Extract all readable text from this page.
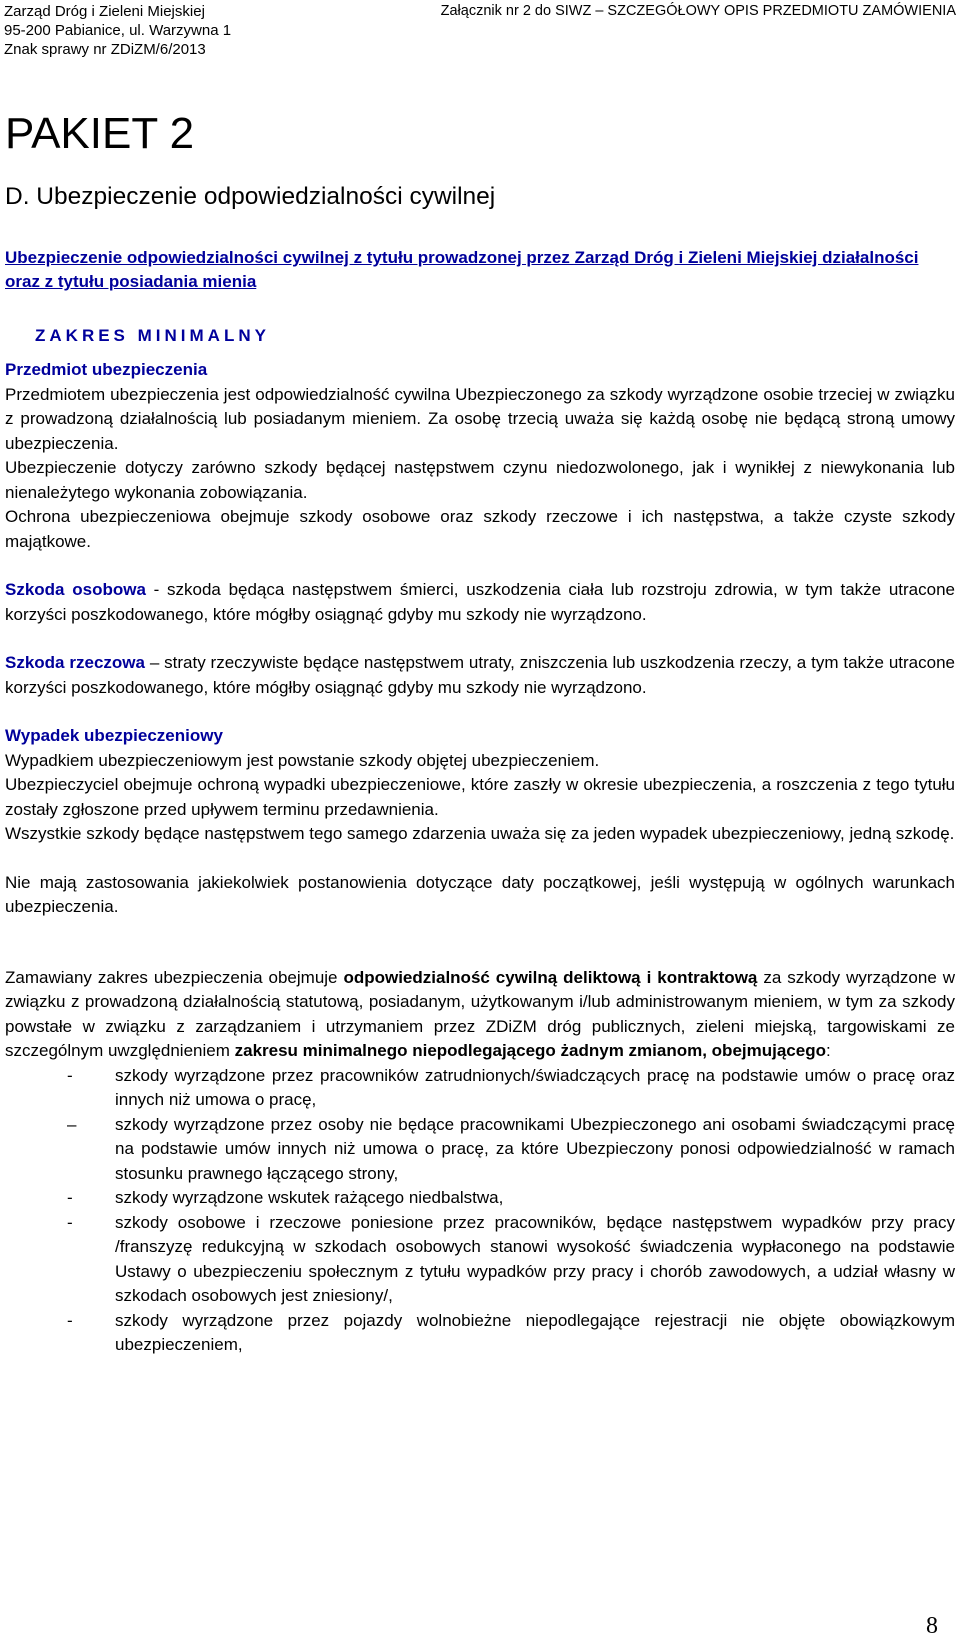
Zarząd Dróg i Zieleni Miejskiej
95-200 Pabianice, ul. Warzywna 1
Znak sprawy nr ZDiZM/6/2013
Załącznik nr 2 do SIWZ – SZCZEGÓŁOWY OPIS PRZEDMIOTU ZAMÓWIENIA
PAKIET 2
D. Ubezpieczenie odpowiedzialności cywilnej
Ubezpieczenie odpowiedzialności cywilnej z tytułu prowadzonej przez Zarząd Dróg i Zieleni Miejskiej działalności oraz z tytułu posiadania mienia
ZAKRES MINIMALNY

Przedmiot ubezpieczenia

Przedmiotem ubezpieczenia jest odpowiedzialność cywilna Ubezpieczonego za szkody wyrządzone osobie trzeciej w związku z prowadzoną działalnością lub posiadanym mieniem. Za osobę trzecią uważa się każdą osobę nie będącą stroną umowy ubezpieczenia.

Ubezpieczenie dotyczy zarówno szkody będącej następstwem czynu niedozwolonego, jak i wynikłej z niewykonania lub nienależytego wykonania zobowiązania.

Ochrona ubezpieczeniowa obejmuje szkody osobowe oraz szkody rzeczowe i ich następstwa, a także czyste szkody majątkowe.

Szkoda osobowa - szkoda będąca następstwem śmierci, uszkodzenia ciała lub rozstroju zdrowia, w tym także utracone korzyści poszkodowanego, które mógłby osiągnąć gdyby mu szkody nie wyrządzono.

Szkoda rzeczowa – straty rzeczywiste będące następstwem utraty, zniszczenia lub uszkodzenia rzeczy, a tym także utracone korzyści poszkodowanego, które mógłby osiągnąć gdyby mu szkody nie wyrządzono.

Wypadek ubezpieczeniowy

Wypadkiem ubezpieczeniowym jest powstanie szkody objętej ubezpieczeniem.

Ubezpieczyciel obejmuje ochroną wypadki ubezpieczeniowe, które zaszły w okresie ubezpieczenia, a roszczenia z tego tytułu zostały zgłoszone przed upływem terminu przedawnienia.

Wszystkie szkody będące następstwem tego samego zdarzenia uważa się za jeden wypadek ubezpieczeniowy, jedną szkodę.

Nie mają zastosowania jakiekolwiek postanowienia dotyczące daty początkowej, jeśli występują w ogólnych warunkach ubezpieczenia.

Zamawiany zakres ubezpieczenia obejmuje odpowiedzialność cywilną deliktową i kontraktową za szkody wyrządzone w związku z prowadzoną działalnością statutową, posiadanym, użytkowanym i/lub administrowanym mieniem, w tym za szkody powstałe w związku z zarządzaniem i utrzymaniem przez ZDiZM dróg publicznych, zieleni miejską, targowiskami ze szczególnym uwzględnieniem zakresu minimalnego niepodlegającego żadnym zmianom, obejmującego:

- szkody wyrządzone przez pracowników zatrudnionych/świadczących pracę na podstawie umów o pracę oraz innych niż umowa o pracę,
– szkody wyrządzone przez osoby nie będące pracownikami Ubezpieczonego ani osobami świadczącymi pracę na podstawie umów innych niż umowa o pracę, za które Ubezpieczony ponosi odpowiedzialność w ramach stosunku prawnego łączącego strony,
- szkody wyrządzone wskutek rażącego niedbalstwa,
- szkody osobowe i rzeczowe poniesione przez pracowników, będące następstwem wypadków przy pracy /franszyzę redukcyjną w szkodach osobowych stanowi wysokość świadczenia wypłaconego na podstawie Ustawy o ubezpieczeniu społecznym z tytułu wypadków przy pracy i chorób zawodowych, a udział własny w szkodach osobowych jest zniesiony/,
- szkody wyrządzone przez pojazdy wolnobieżne niepodlegające rejestracji nie objęte obowiązkowym ubezpieczeniem,
8
